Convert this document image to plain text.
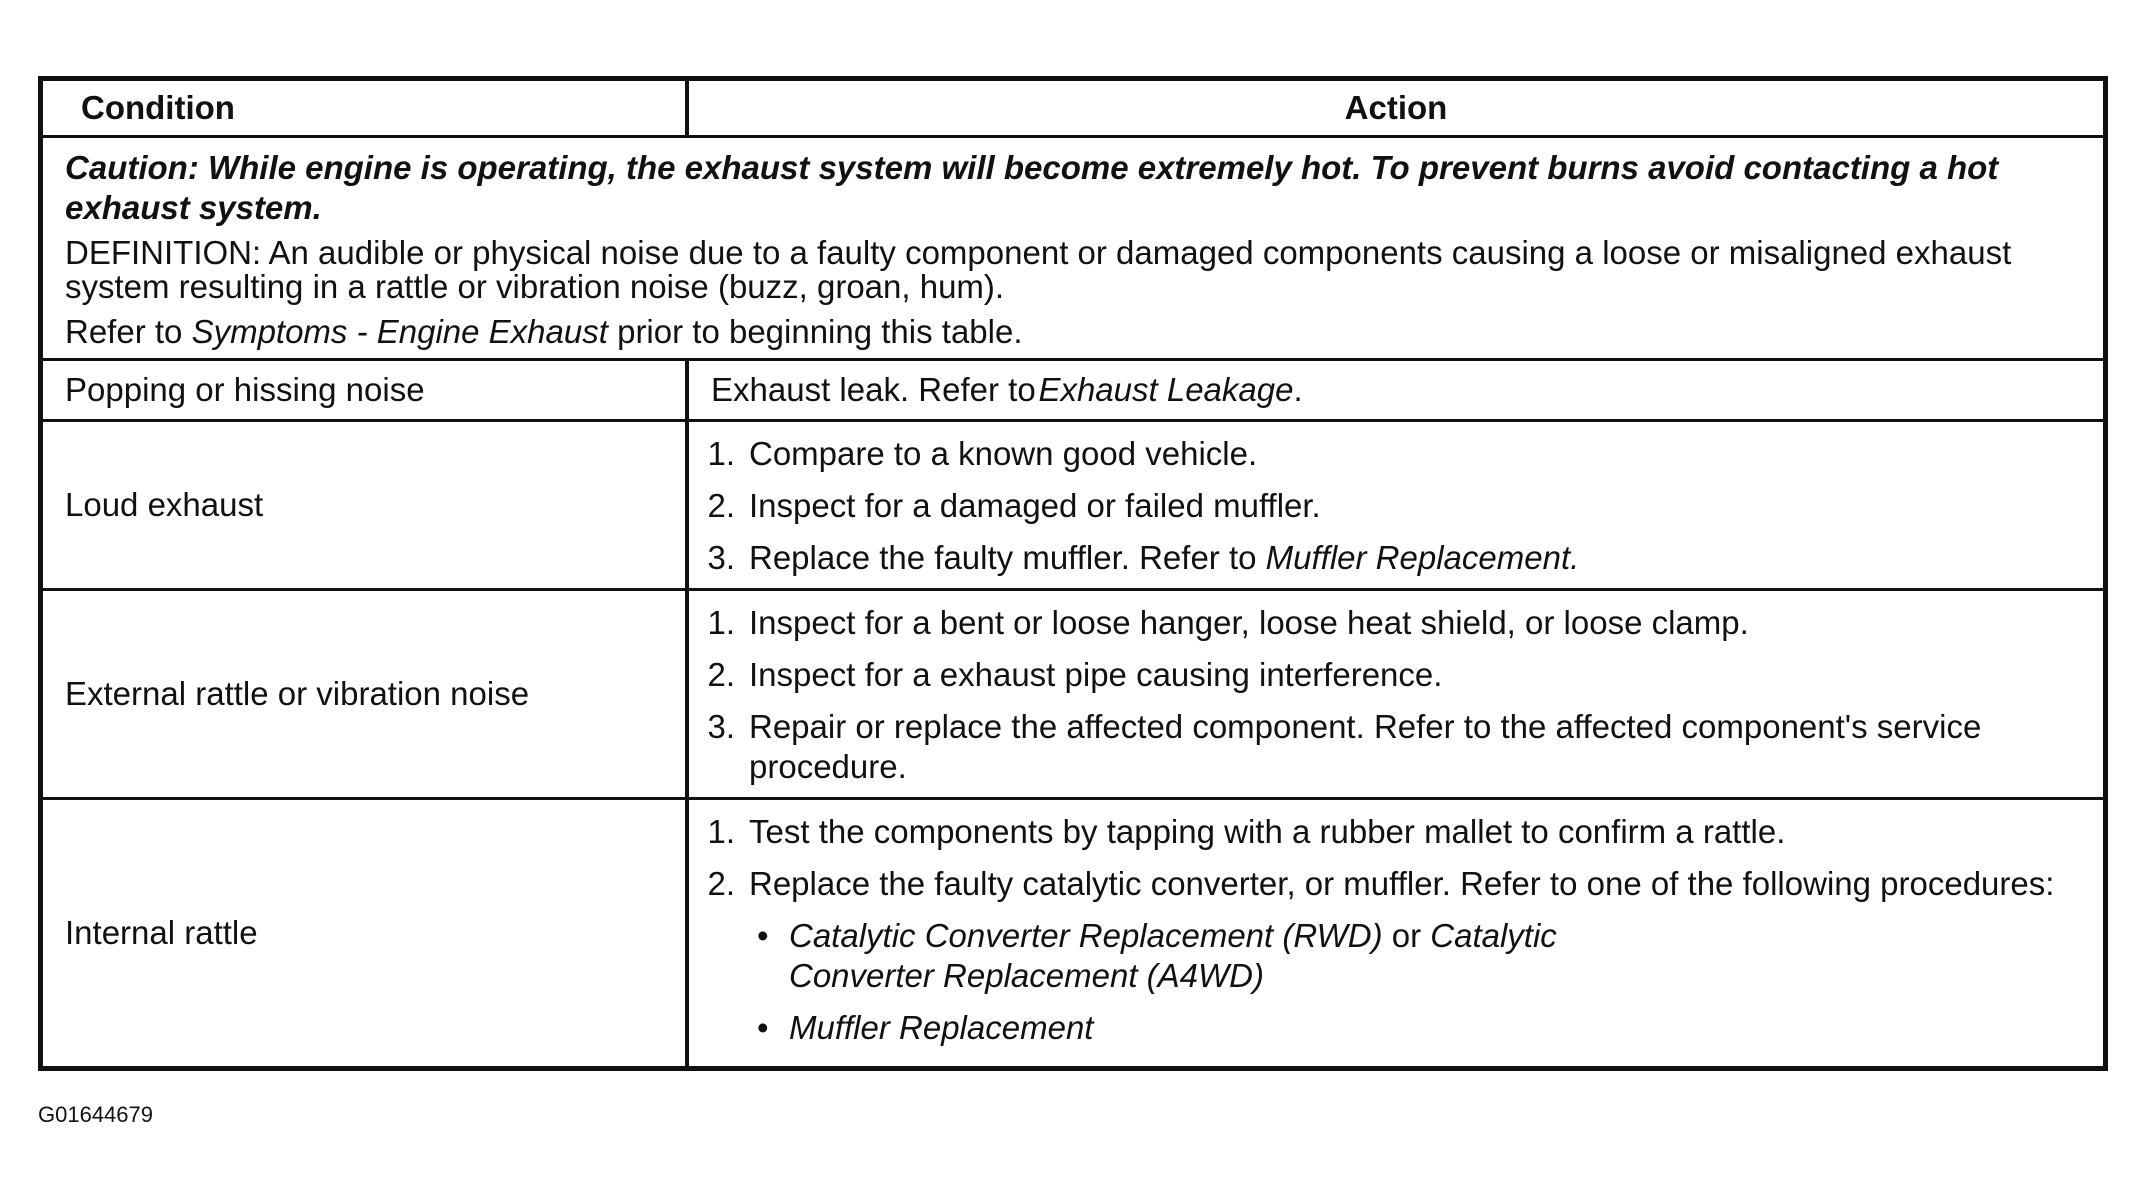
Condition	Action
Caution: While engine is operating, the exhaust system will become extremely hot. To prevent burns avoid contacting a hot exhaust system.
DEFINITION: An audible or physical noise due to a faulty component or damaged components causing a loose or misaligned exhaust system resulting in a rattle or vibration noise (buzz, groan, hum).
Refer to Symptoms - Engine Exhaust prior to beginning this table.
Popping or hissing noise	Exhaust leak. Refer to
  Exhaust Leakage .
Loud exhaust
1. Compare to a known good vehicle.
2. Inspect for a damaged or failed muffler.
3. Replace the faulty muffler. Refer to Muffler Replacement.
External rattle or vibration noise
1. Inspect for a bent or loose hanger, loose heat shield, or loose clamp.
2. Inspect for a exhaust pipe causing interference.
3. Repair or replace the affected component. Refer to the affected component's service procedure.
Internal rattle
1. Test the components by tapping with a rubber mallet to confirm a rattle.
2. Replace the faulty catalytic converter, or muffler. Refer to one of the following procedures:
• Catalytic Converter Replacement (RWD) or Catalytic Converter Replacement (A4WD)
• Muffler Replacement
G01644679
